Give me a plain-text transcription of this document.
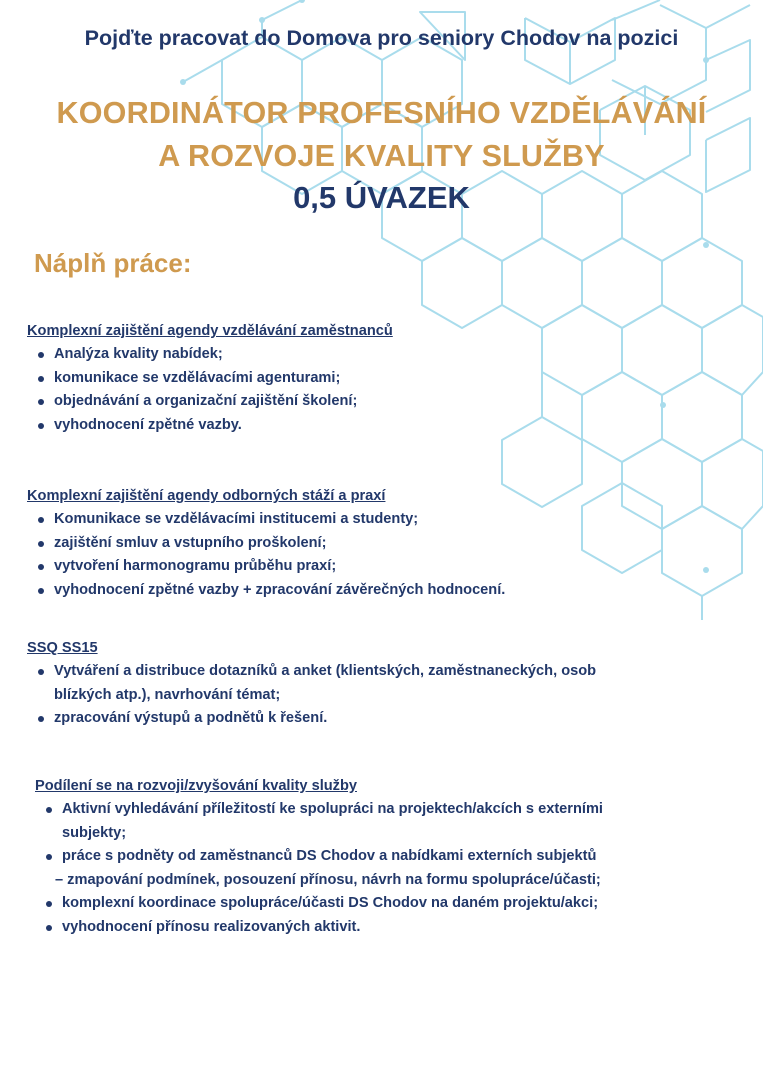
Pojďte pracovat do Domova pro seniory Chodov na pozici
KOORDINÁTOR PROFESNÍHO VZDĚLÁVÁNÍ
A ROZVOJE KVALITY SLUŽBY
0,5 ÚVAZEK
Náplň práce:
Komplexní zajištění agendy vzdělávání zaměstnanců
Analýza kvality nabídek;
komunikace se vzdělávacími agenturami;
objednávání a organizační zajištění školení;
vyhodnocení zpětné vazby.
Komplexní zajištění agendy odborných stáží a praxí
Komunikace se vzdělávacími institucemi a studenty;
zajištění smluv a vstupního proškolení;
vytvoření harmonogramu průběhu praxí;
vyhodnocení zpětné vazby + zpracování závěrečných hodnocení.
SSQ SS15
Vytváření a distribuce dotazníků a anket (klientských, zaměstnaneckých, osob
blízkých atp.), navrhování témat;
zpracování výstupů a podnětů k řešení.
Podílení se na rozvoji/zvyšování kvality služby
Aktivní vyhledávání příležitostí ke spolupráci na projektech/akcích s externími
subjekty;
práce s podněty od zaměstnanců DS Chodov a nabídkami externích subjektů
– zmapování podmínek, posouzení přínosu, návrh na formu spolupráce/účasti;
komplexní koordinace spolupráce/účasti DS Chodov na daném projektu/akci;
vyhodnocení přínosu realizovaných aktivit.
